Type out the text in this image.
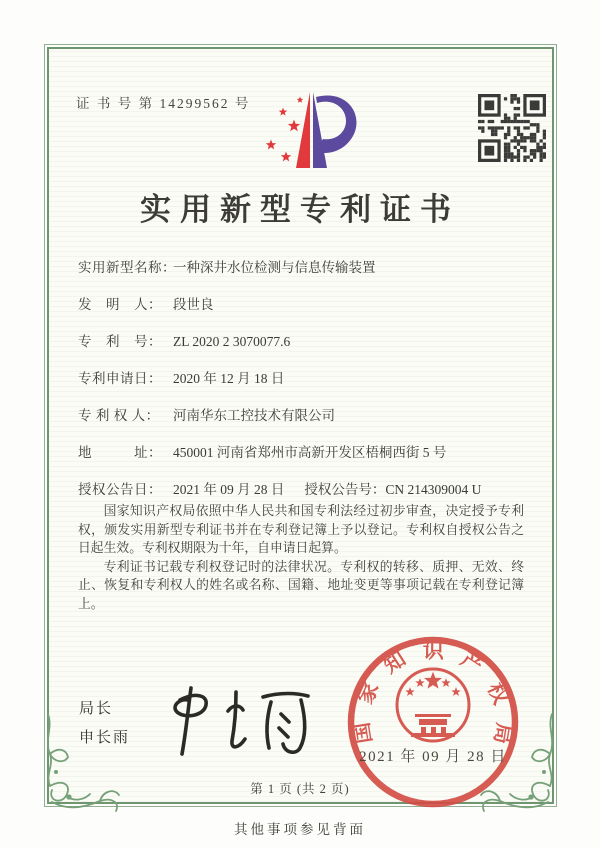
证 书 号 第 14299562 号
实用新型专利证书
实用新型名称：一种深井水位检测与信息传输装置
发　明　人： 段世良
专　利　号： ZL 2020 2 3070077.6
专利申请日： 2020 年 12 月 18 日
专 利 权 人： 河南华东工控技术有限公司
地　　　址： 450001 河南省郑州市高新开发区梧桐西街 5 号
授权公告日： 2021 年 09 月 28 日 授权公告号：CN 214309004 U

国家知识产权局依照中华人民共和国专利法经过初步审查，决定授予专利权，颁发实用新型专利证书并在专利登记簿上予以登记。专利权自授权公告之日起生效。专利权期限为十年，自申请日起算。

专利证书记载专利权登记时的法律状况。专利权的转移、质押、无效、终止、恢复和专利权人的姓名或名称、国籍、地址变更等事项记载在专利登记簿上。

局长
申长雨	国家知识产权局
2021 年 09 月 28 日
第 1 页 (共 2 页)
其他事项参见背面
